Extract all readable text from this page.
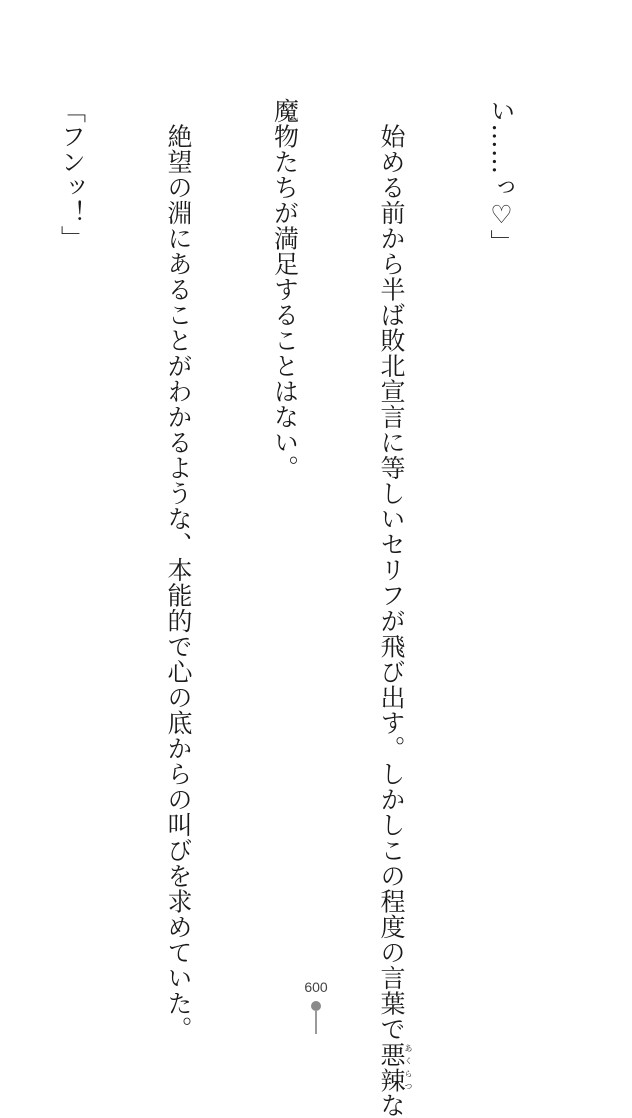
い……っ♡」

　始める前から半ば敗北宣言に等しいセリフが飛び出す。しかしこの程度の言葉で悪辣あくらつな

魔物たちが満足することはない。

　絶望の淵にあることがわかるような、本能的で心の底からの叫びを求めていた。

「フンッ！」

600
